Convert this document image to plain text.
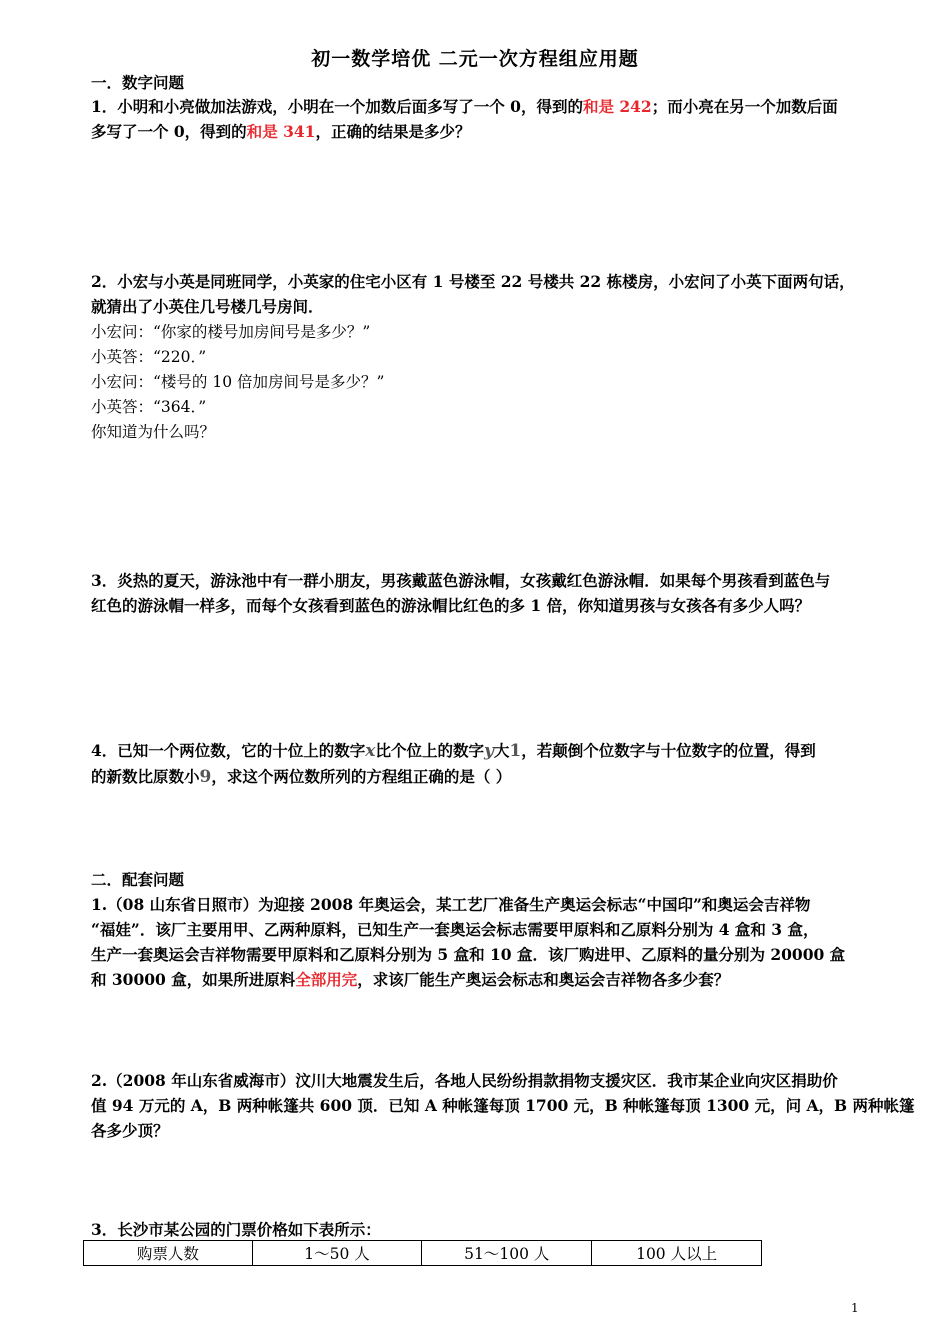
初一数学培优 二元一次方程组应用题
一．数字问题
1．小明和小亮做加法游戏，小明在一个加数后面多写了一个 0，得到的和是 242；而小亮在另一个加数后面
多写了一个 0，得到的和是 341，正确的结果是多少？
2．小宏与小英是同班同学，小英家的住宅小区有 1 号楼至 22 号楼共 22 栋楼房，小宏问了小英下面两句话，
就猜出了小英住几号楼几号房间．
小宏问：“你家的楼号加房间号是多少？”
小英答：“220．”
小宏问：“楼号的 10 倍加房间号是多少？”
小英答：“364．”
你知道为什么吗？
3．炎热的夏天，游泳池中有一群小朋友，男孩戴蓝色游泳帽，女孩戴红色游泳帽．如果每个男孩看到蓝色与
红色的游泳帽一样多，而每个女孩看到蓝色的游泳帽比红色的多 1 倍，你知道男孩与女孩各有多少人吗？
4．已知一个两位数，它的十位上的数字x比个位上的数字y大1，若颠倒个位数字与十位数字的位置，得到
的新数比原数小9，求这个两位数所列的方程组正确的是（ ）
二．配套问题
1.（08 山东省日照市）为迎接 2008 年奥运会，某工艺厂准备生产奥运会标志“中国印”和奥运会吉祥物
“福娃”．该厂主要用甲、乙两种原料，已知生产一套奥运会标志需要甲原料和乙原料分别为 4 盒和 3 盒，
生产一套奥运会吉祥物需要甲原料和乙原料分别为 5 盒和 10 盒．该厂购进甲、乙原料的量分别为 20000 盒
和 30000 盒，如果所进原料全部用完，求该厂能生产奥运会标志和奥运会吉祥物各多少套？
2.（2008 年山东省威海市）汶川大地震发生后，各地人民纷纷捐款捐物支援灾区．我市某企业向灾区捐助价
值 94 万元的 A，B 两种帐篷共 600 顶．已知 A 种帐篷每顶 1700 元，B 种帐篷每顶 1300 元，问 A，B 两种帐篷
各多少顶？
3．长沙市某公园的门票价格如下表所示：
购票人数	1～50 人	51～100 人	100 人以上
1
